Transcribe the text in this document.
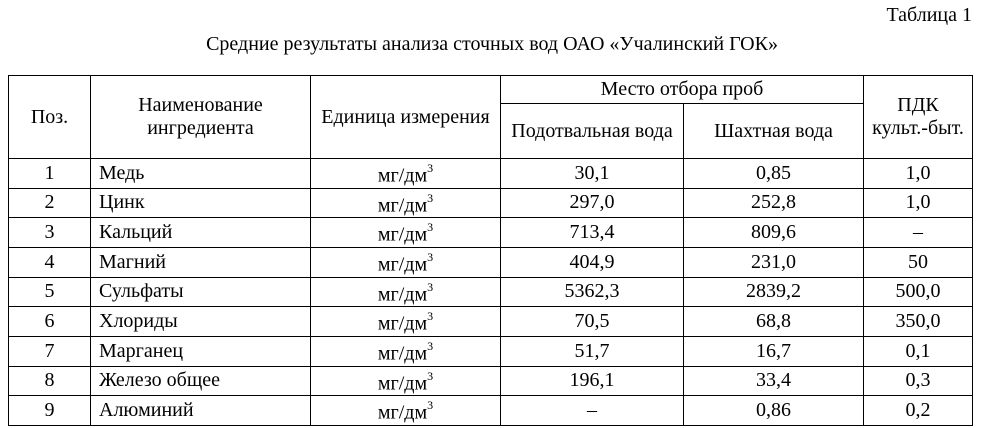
Таблица 1
Средние результаты анализа сточных вод ОАО «Учалинский ГОК»
Поз.	Наименование ингредиента	Единица измерения	Место отбора проб		ПДК культ.-быт.
			Подотвальная вода	Шахтная вода	
1	Медь	$мг/дм^3$	30,1	0,85	1,0
2	Цинк	$мг/дм^3$	297,0	252,8	1,0
3	Кальций	$мг/дм^3$	713,4	809,6	–
4	Магний	$мг/дм^3$	404,9	231,0	50
5	Сульфаты	$мг/дм^3$	5362,3	2839,2	500,0
6	Хлориды	$мг/дм^3$	70,5	68,8	350,0
7	Марганец	$мг/дм^3$	51,7	16,7	0,1
8	Железо общее	$мг/дм^3$	196,1	33,4	0,3
9	Алюминий	$мг/дм^3$	–	0,86	0,2
